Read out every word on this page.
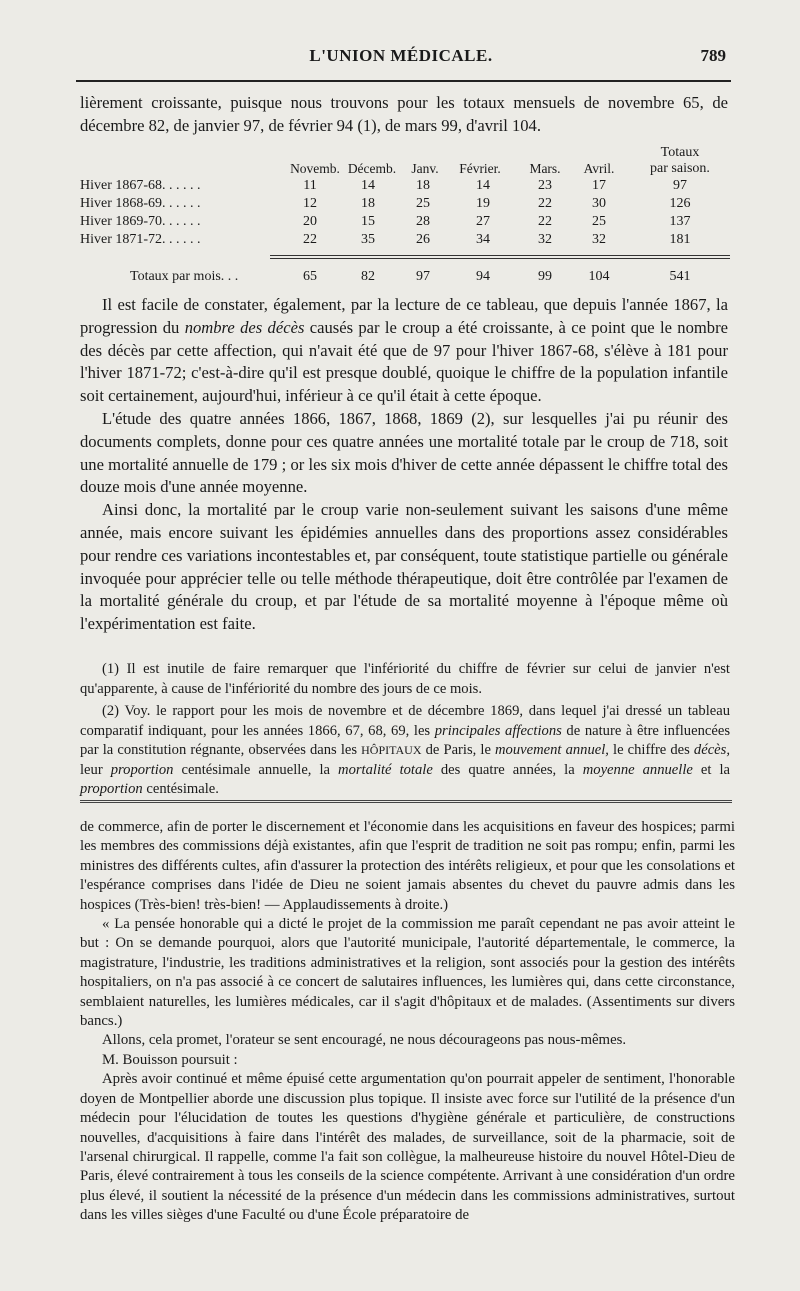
L'UNION MÉDICALE.	789

lièrement croissante, puisque nous trouvons pour les totaux mensuels de novembre 65, de décembre 82, de janvier 97, de février 94 (1), de mars 99, d'avril 104.

Totaux
par saison.
Novemb. Décemb.	Janv.	Février.	Mars.	Avril.
Hiver 1867-68. . . . . .	11	14	18	14	23	17	97
Hiver 1868-69. . . . . .	12	18	25	19	22	30	126
Hiver 1869-70. . . . . .	20	15	28	27	22	25	137
Hiver 1871-72. . . . . .	22	35	26	34	32	32	181
Totaux par mois. . .	65	82	97	94	99	104	541

Il est facile de constater, également, par la lecture de ce tableau, que depuis l'année 1867, la progression du nombre des décès causés par le croup a été croissante, à ce point que le nombre des décès par cette affection, qui n'avait été que de 97 pour l'hiver 1867-68, s'élève à 181 pour l'hiver 1871-72; c'est-à-dire qu'il est presque doublé, quoique le chiffre de la population infantile soit certainement, aujourd'hui, inférieur à ce qu'il était à cette époque.

L'étude des quatre années 1866, 1867, 1868, 1869 (2), sur lesquelles j'ai pu réunir des documents complets, donne pour ces quatre années une mortalité totale par le croup de 718, soit une mortalité annuelle de 179 ; or les six mois d'hiver de cette année dépassent le chiffre total des douze mois d'une année moyenne.

Ainsi donc, la mortalité par le croup varie non-seulement suivant les saisons d'une même année, mais encore suivant les épidémies annuelles dans des proportions assez considérables pour rendre ces variations incontestables et, par conséquent, toute statistique partielle ou générale invoquée pour apprécier telle ou telle méthode thérapeutique, doit être contrôlée par l'examen de la mortalité générale du croup, et par l'étude de sa mortalité moyenne à l'époque même où l'expérimentation est faite.

(1) Il est inutile de faire remarquer que l'infériorité du chiffre de février sur celui de janvier n'est qu'apparente, à cause de l'infériorité du nombre des jours de ce mois.

(2) Voy. le rapport pour les mois de novembre et de décembre 1869, dans lequel j'ai dressé un tableau comparatif indiquant, pour les années 1866, 67, 68, 69, les principales affections de nature à être influencées par la constitution régnante, observées dans les HÔPITAUX de Paris, le mouvement annuel, le chiffre des décès, leur proportion centésimale annuelle, la mortalité totale des quatre années, la moyenne annuelle et la proportion centésimale.

de commerce, afin de porter le discernement et l'économie dans les acquisitions en faveur des hospices; parmi les membres des commissions déjà existantes, afin que l'esprit de tradition ne soit pas rompu; enfin, parmi les ministres des différents cultes, afin d'assurer la protection des intérêts religieux, et pour que les consolations et l'espérance comprises dans l'idée de Dieu ne soient jamais absentes du chevet du pauvre admis dans les hospices (Très-bien! très-bien! — Applaudissements à droite.)

« La pensée honorable qui a dicté le projet de la commission me paraît cependant ne pas avoir atteint le but : On se demande pourquoi, alors que l'autorité municipale, l'autorité départementale, le commerce, la magistrature, l'industrie, les traditions administratives et la religion, sont associés pour la gestion des intérêts hospitaliers, on n'a pas associé à ce concert de salutaires influences, les lumières qui, dans cette circonstance, semblaient naturelles, les lumières médicales, car il s'agit d'hôpitaux et de malades. (Assentiments sur divers bancs.)

Allons, cela promet, l'orateur se sent encouragé, ne nous décourageons pas nous-mêmes.

M. Bouisson poursuit :

Après avoir continué et même épuisé cette argumentation qu'on pourrait appeler de sentiment, l'honorable doyen de Montpellier aborde une discussion plus topique. Il insiste avec force sur l'utilité de la présence d'un médecin pour l'élucidation de toutes les questions d'hygiène générale et particulière, de constructions nouvelles, d'acquisitions à faire dans l'intérêt des malades, de surveillance, soit de la pharmacie, soit de l'arsenal chirurgical. Il rappelle, comme l'a fait son collègue, la malheureuse histoire du nouvel Hôtel-Dieu de Paris, élevé contrairement à tous les conseils de la science compétente. Arrivant à une considération d'un ordre plus élevé, il soutient la nécessité de la présence d'un médecin dans les commissions administratives, surtout dans les villes sièges d'une Faculté ou d'une École préparatoire de
